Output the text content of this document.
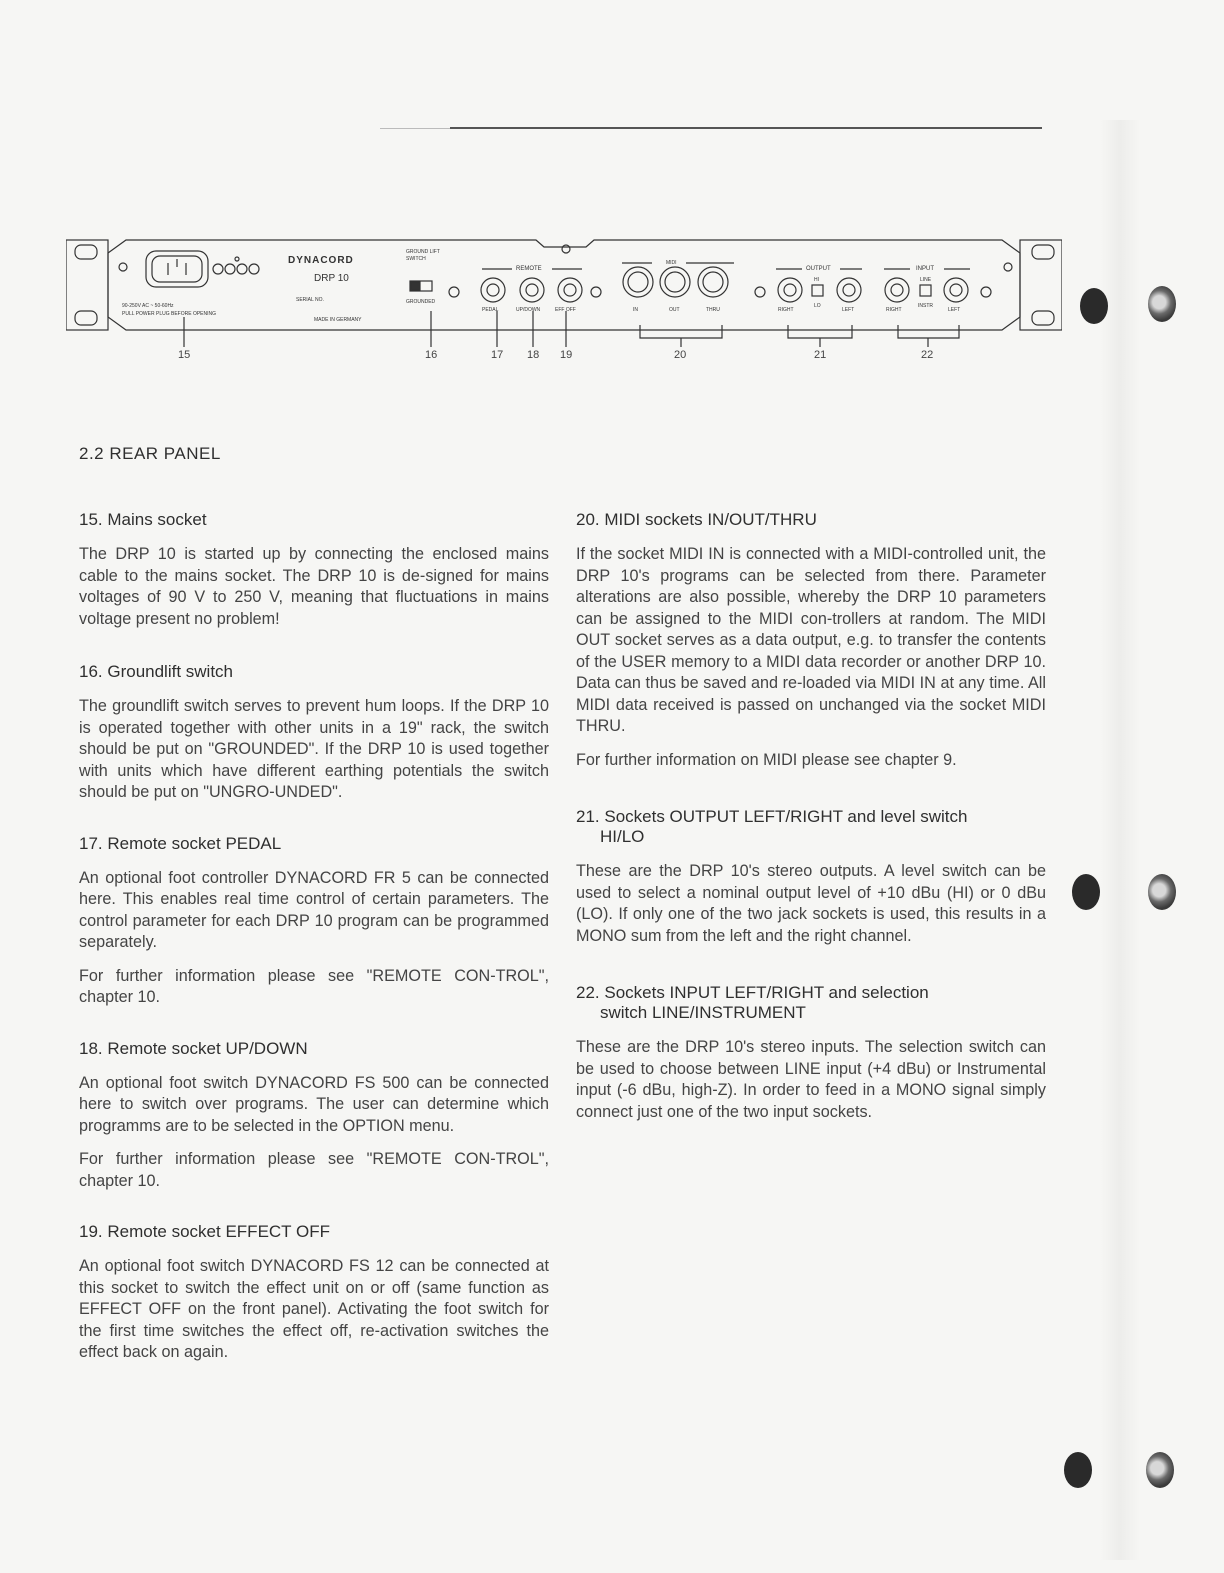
DYNACORD
DRP 10
90-250V AC ~ 50-60Hz
PULL POWER PLUG BEFORE OPENING
SERIAL NO.
MADE IN GERMANY
GROUND LIFT
SWITCH
GROUNDED
REMOTE
PEDAL	UP/DOWN	EFF OFF
MIDI
IN	OUT	THRU
OUTPUT
RIGHT	LEFT
HI
LO
INPUT
RIGHT	LEFT
LINE
INSTR
15	16	17 18 19	20	21	22
2.2 REAR PANEL
15. Mains socket

The DRP 10 is started up by connecting the enclosed mains cable to the mains socket. The DRP 10 is de-signed for mains voltages of 90 V to 250 V, meaning that fluctuations in mains voltage present no problem!

16. Groundlift switch

The groundlift switch serves to prevent hum loops. If the DRP 10 is operated together with other units in a 19" rack, the switch should be put on "GROUNDED". If the DRP 10 is used together with units which have different earthing potentials the switch should be put on "UNGRO-UNDED".

17. Remote socket PEDAL

An optional foot controller DYNACORD FR 5 can be connected here. This enables real time control of certain parameters. The control parameter for each DRP 10 program can be programmed separately.

For further information please see "REMOTE CON-TROL", chapter 10.

18. Remote socket UP/DOWN

An optional foot switch DYNACORD FS 500 can be connected here to switch over programs. The user can determine which programms are to be selected in the OPTION menu.

For further information please see "REMOTE CON-TROL", chapter 10.

19. Remote socket EFFECT OFF

An optional foot switch DYNACORD FS 12 can be connected at this socket to switch the effect unit on or off (same function as EFFECT OFF on the front panel). Activating the foot switch for the first time switches the effect off, re-activation switches the effect back on again.

20. MIDI sockets IN/OUT/THRU

If the socket MIDI IN is connected with a MIDI-controlled unit, the DRP 10's programs can be selected from there. Parameter alterations are also possible, whereby the DRP 10 parameters can be assigned to the MIDI con-trollers at random. The MIDI OUT socket serves as a data output, e.g. to transfer the contents of the USER memory to a MIDI data recorder or another DRP 10. Data can thus be saved and re-loaded via MIDI IN at any time. All MIDI data received is passed on unchanged via the socket MIDI THRU.

For further information on MIDI please see chapter 9.

21. Sockets OUTPUT LEFT/RIGHT and level switch
HI/LO

These are the DRP 10's stereo outputs. A level switch can be used to select a nominal output level of +10 dBu (HI) or 0 dBu (LO). If only one of the two jack sockets is used, this results in a MONO sum from the left and the right channel.

22. Sockets INPUT LEFT/RIGHT and selection
switch LINE/INSTRUMENT

These are the DRP 10's stereo inputs. The selection switch can be used to choose between LINE input (+4 dBu) or Instrumental input (-6 dBu, high-Z). In order to feed in a MONO signal simply connect just one of the two input sockets.
